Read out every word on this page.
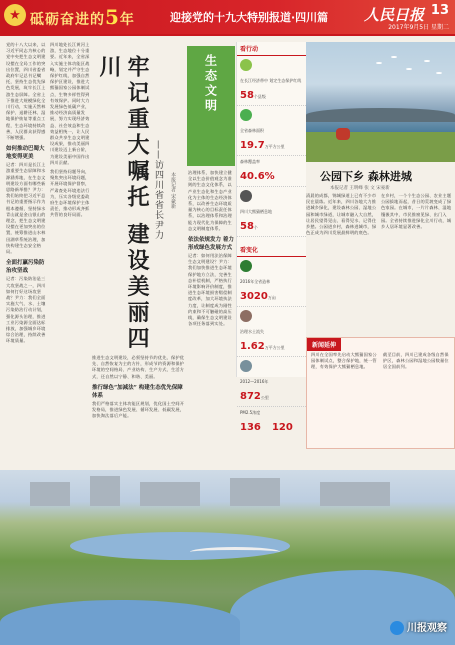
★ 砥砺奋进的5年	迎接党的十九大特别报道·四川篇 人民日报 13
2017年9月5日 星期二
党的十八大以来，以习近平同志为核心的党中央把生态文明建设摆在全局工作的突出位置，四川省委省政府牢记总书记嘱托，坚持生态优先绿色发展，筑牢长江上游生态屏障。全省上下推进大规模绿化全川行动，实施天然林保护、退耕还林、湿地保护恢复等重点工程，生态环境持续改善，人民群众获得感不断增强。
如何推动巴蜀大地变得更美
记者：四川是长江上游重要生态屏障和水源涵养地，在生态文明建设方面有哪些新思路新举措？尹力：我们始终把习近平总书记的重要指示作为根本遵循，坚持绿水青山就是金山银山的理念，把生态文明建设摆在更加突出的位置，统筹推进山水林田湖草系统治理，加快构建生态安全格局。
全面打赢污染防治攻坚战
记者：污染防治是三大攻坚战之一，四川如何打好这场攻坚战？尹力：我们全面实施大气、水、土壤污染防治行动计划，强化源头治理，推进工业污染源全面达标排放，加强城乡环境综合治理，持续改善环境质量。
四川地处长江黄河上游，生态地位十分重要。近年来，全省深入实施主体功能区战略，划定并严守生态保护红线，加强自然保护区建设，推进大熊猫国家公园体制试点，生物多样性得到有效保护。同时大力发展绿色低碳产业，推动经济高质量发展，努力实现经济效益、社会效益和生态效益相统一，让人民群众共享生态文明建设成果，推动美丽四川建设迈上新台阶，为建设美丽中国作出四川贡献。
我们坚持问题导向，聚焦突出环境问题，开展环境保护督察，严肃查处环境违法行为，压实各级党委政府生态环境保护主体责任，推动形成齐抓共管的良好局面。	牢记重大嘱托 建设美丽四川
——访四川省省长尹力	本报记者 宋豪新
生态文明
推进生态文明建设，必须坚持节约优先、保护优先、自然恢复为主的方针，形成节约资源和保护环境的空间格局、产业结构、生产方式、生活方式，还自然以宁静、和谐、美丽。
推行绿色“加减法” 构建生态优先保障体系
我们严格落实主体功能区规划，优化国土空间开发格局，推进绿色发展、循环发展、低碳发展，加快淘汰落后产能。
治理体系，加快建立健全以生态价值观念为准则的生态文化体系，以产业生态化和生态产业化为主体的生态经济体系，以改善生态环境质量为核心的目标责任体系，以治理体系和治理能力现代化为保障的生态文明制度体系。
依法依规发力 着力形成绿色发展方式
记者：如何用法治保障生态文明建设？尹力：我们加快推进生态环境保护地方立法，完善生态补偿机制，严格执行环境影响评价制度，推进生态环境损害赔偿制度改革，加大环境执法力度，让制度成为刚性约束和不可触碰的高压线，确保生态文明建设各项任务落到实处。
看行动
在长江经济带中 划定生态保护红线
58个县级
全省森林面积
19.7万平方公里
森林覆盖率
40.6%
四川大熊猫栖息地
58个
看变化
2016年全省造林
3020万亩
治理水土流失
1.62万平方公里
2012—2016年
872公里
PM2.5浓度
136 120
公园下乡 森林进城
本报记者 王明峰 张 文 宋豪新
清晨的成都，锦城绿道上已有不少市民在晨练。近年来，四川各地大力推进城乡绿化，建设森林公园、湿地公园和城市绿道，让城市融入大自然，让居民望得见山、看得见水、记得住乡愁。公园进乡村，森林进城市，绿色正成为四川发展最鲜明的底色。
在乡村，一个个生态公园、农业主题公园拔地而起，昔日的荒坡变成了绿色家园。在城市，一片片森林、湿地镶嵌其中，市民推窗见绿、出门入园。全省持续推进绿化全川行动，城乡人居环境显著改善。
新闻延伸
四川在全国率先启动大熊猫国家公园体制试点，整合保护地，统一管理，有效保护大熊猫栖息地。
截至目前，四川已建成各级自然保护区，森林公园和湿地公园数量位居全国前列。
川报观察
